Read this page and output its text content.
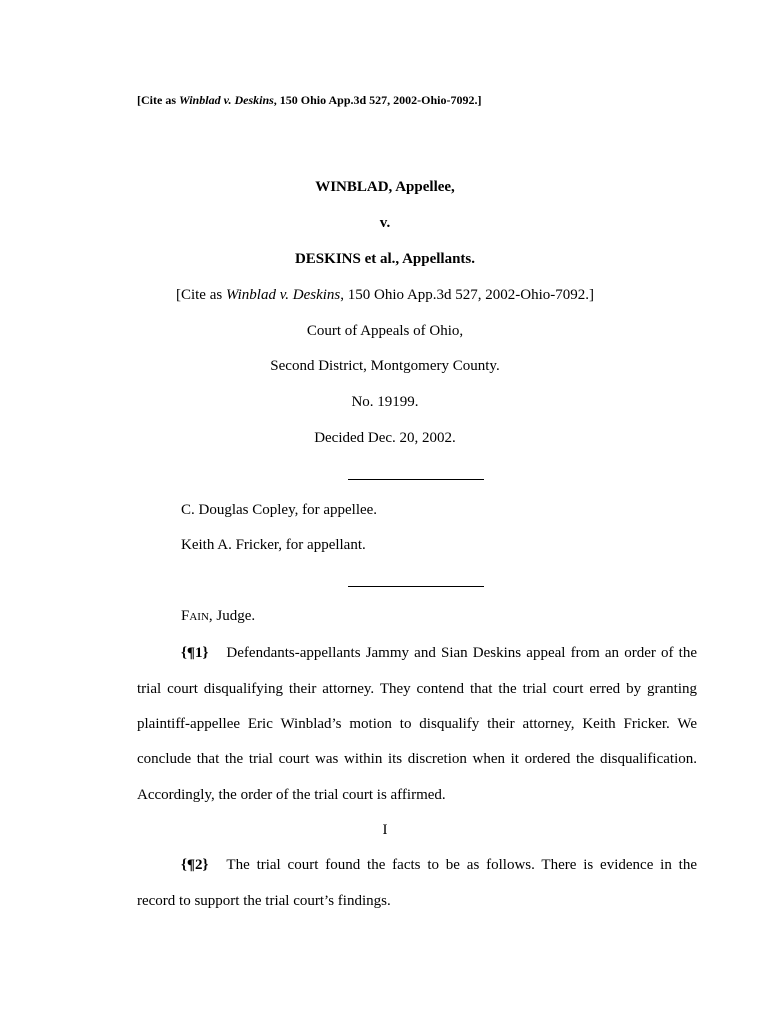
[Cite as Winblad v. Deskins, 150 Ohio App.3d 527, 2002-Ohio-7092.]
WINBLAD, Appellee,
v.
DESKINS et al., Appellants.
[Cite as Winblad v. Deskins, 150 Ohio App.3d 527, 2002-Ohio-7092.]
Court of Appeals of Ohio,
Second District, Montgomery County.
No. 19199.
Decided Dec. 20, 2002.
C. Douglas Copley, for appellee.
Keith A. Fricker, for appellant.
FAIN, Judge.
{¶1} Defendants-appellants Jammy and Sian Deskins appeal from an order of the
trial court disqualifying their attorney. They contend that the trial court erred by granting
plaintiff-appellee Eric Winblad’s motion to disqualify their attorney, Keith Fricker. We
conclude that the trial court was within its discretion when it ordered the disqualification.
Accordingly, the order of the trial court is affirmed.
I
{¶2} The trial court found the facts to be as follows. There is evidence in the
record to support the trial court’s findings.
